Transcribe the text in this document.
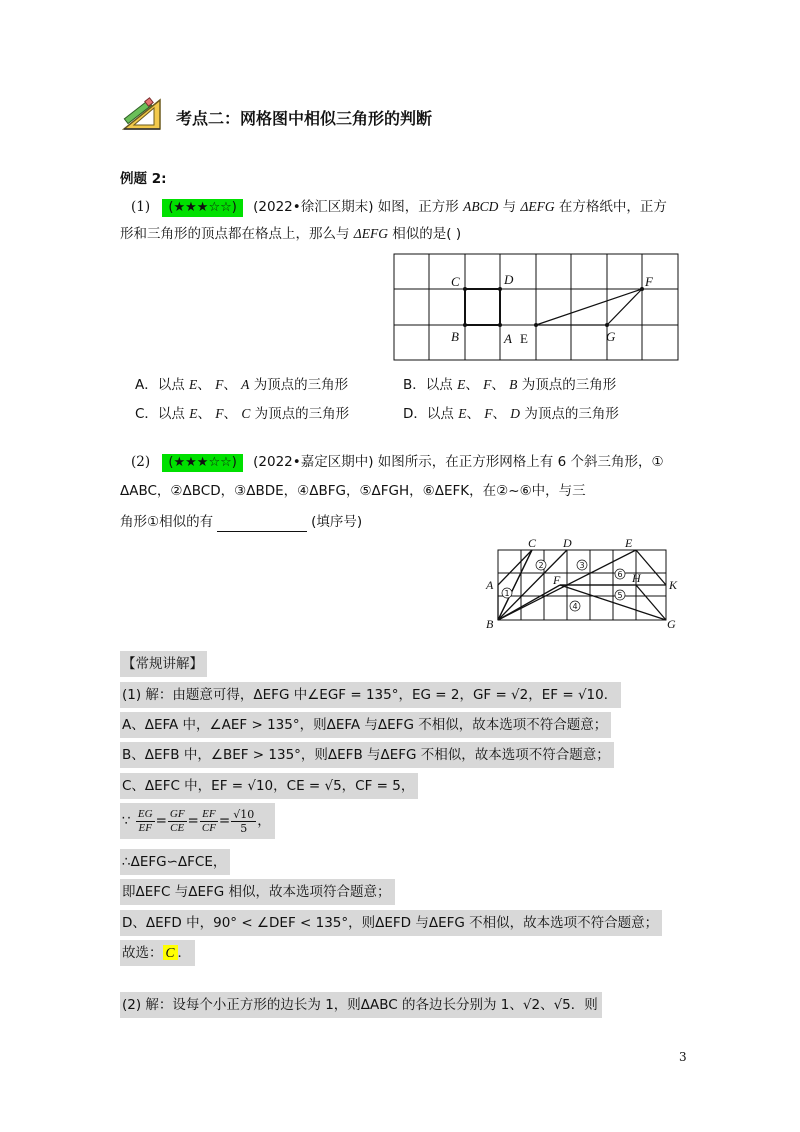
考点二：网格图中相似三角形的判断
例题 2:
(1) (★★★☆☆) (2022•徐汇区期末) 如图，正方形 ABCD 与 ΔEFG 在方格纸中，正方
形和三角形的顶点都在格点上，那么与 ΔEFG 相似的是( )
C	D	F
B	A E	G
A．以点 E、 F、 A 为顶点的三角形	B．以点 E、 F、 B 为顶点的三角形
C．以点 E、 F、 C 为顶点的三角形	D．以点 E、 F、 D 为顶点的三角形
(2) (★★★☆☆) (2022•嘉定区期中) 如图所示，在正方形网格上有 6 个斜三角形，①
ΔABC，②ΔBCD，③ΔBDE，④ΔBFG，⑤ΔFGH，⑥ΔEFK，在②~⑥中，与三
角形①相似的有	(填序号)
1
2	3
4
5
6
C D	E
A	F	H K
B	G
【常规讲解】
(1) 解：由题意可得，ΔEFG 中∠EGF = 135°，EG = 2，GF = √2，EF = √10．
A、ΔEFA 中，∠AEF > 135°，则ΔEFA 与ΔEFG 不相似，故本选项不符合题意；
B、ΔEFB 中，∠BEF > 135°，则ΔEFB 与ΔEFG 不相似，故本选项不符合题意；
C、ΔEFC 中，EF = √10，CE = √5，CF = 5，
∵ $\frac{EG}{EF} = \frac{GF}{CE} = \frac{EF}{CF} = \frac{√10}{5}$ ，
∴ΔEFG∽ΔFCE，
即ΔEFC 与ΔEFG 相似，故本选项符合题意；
D、ΔEFD 中，90° < ∠DEF < 135°，则ΔEFD 与ΔEFG 不相似，故本选项不符合题意；
故选： C ．
(2) 解：设每个小正方形的边长为 1，则ΔABC 的各边长分别为 1、√2、√5．则
3
